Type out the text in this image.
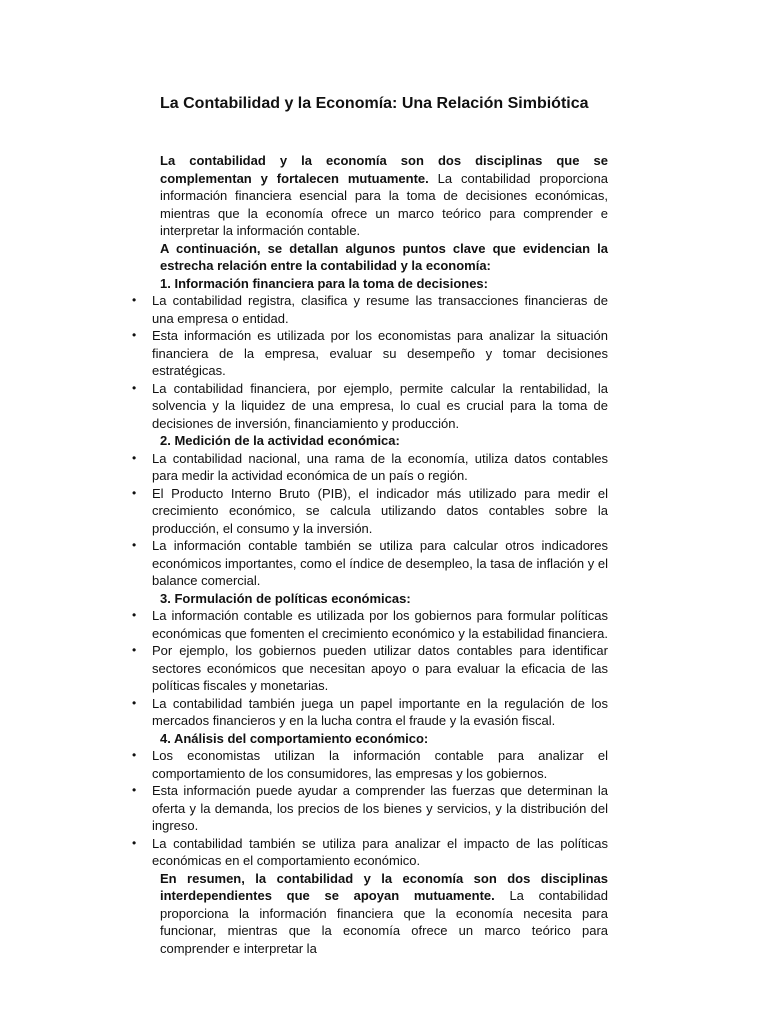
La Contabilidad y la Economía: Una Relación Simbiótica

La contabilidad y la economía son dos disciplinas que se complementan y fortalecen mutuamente. La contabilidad proporciona información financiera esencial para la toma de decisiones económicas, mientras que la economía ofrece un marco teórico para comprender e interpretar la información contable.

A continuación, se detallan algunos puntos clave que evidencian la estrecha relación entre la contabilidad y la economía:

1. Información financiera para la toma de decisiones:

• La contabilidad registra, clasifica y resume las transacciones financieras de una empresa o entidad.
• Esta información es utilizada por los economistas para analizar la situación financiera de la empresa, evaluar su desempeño y tomar decisiones estratégicas.
• La contabilidad financiera, por ejemplo, permite calcular la rentabilidad, la solvencia y la liquidez de una empresa, lo cual es crucial para la toma de decisiones de inversión, financiamiento y producción.

2. Medición de la actividad económica:

• La contabilidad nacional, una rama de la economía, utiliza datos contables para medir la actividad económica de un país o región.
• El Producto Interno Bruto (PIB), el indicador más utilizado para medir el crecimiento económico, se calcula utilizando datos contables sobre la producción, el consumo y la inversión.
• La información contable también se utiliza para calcular otros indicadores económicos importantes, como el índice de desempleo, la tasa de inflación y el balance comercial.

3. Formulación de políticas económicas:

• La información contable es utilizada por los gobiernos para formular políticas económicas que fomenten el crecimiento económico y la estabilidad financiera.
• Por ejemplo, los gobiernos pueden utilizar datos contables para identificar sectores económicos que necesitan apoyo o para evaluar la eficacia de las políticas fiscales y monetarias.
• La contabilidad también juega un papel importante en la regulación de los mercados financieros y en la lucha contra el fraude y la evasión fiscal.

4. Análisis del comportamiento económico:

• Los economistas utilizan la información contable para analizar el comportamiento de los consumidores, las empresas y los gobiernos.
• Esta información puede ayudar a comprender las fuerzas que determinan la oferta y la demanda, los precios de los bienes y servicios, y la distribución del ingreso.
• La contabilidad también se utiliza para analizar el impacto de las políticas económicas en el comportamiento económico.

En resumen, la contabilidad y la economía son dos disciplinas interdependientes que se apoyan mutuamente. La contabilidad proporciona la información financiera que la economía necesita para funcionar, mientras que la economía ofrece un marco teórico para comprender e interpretar la
